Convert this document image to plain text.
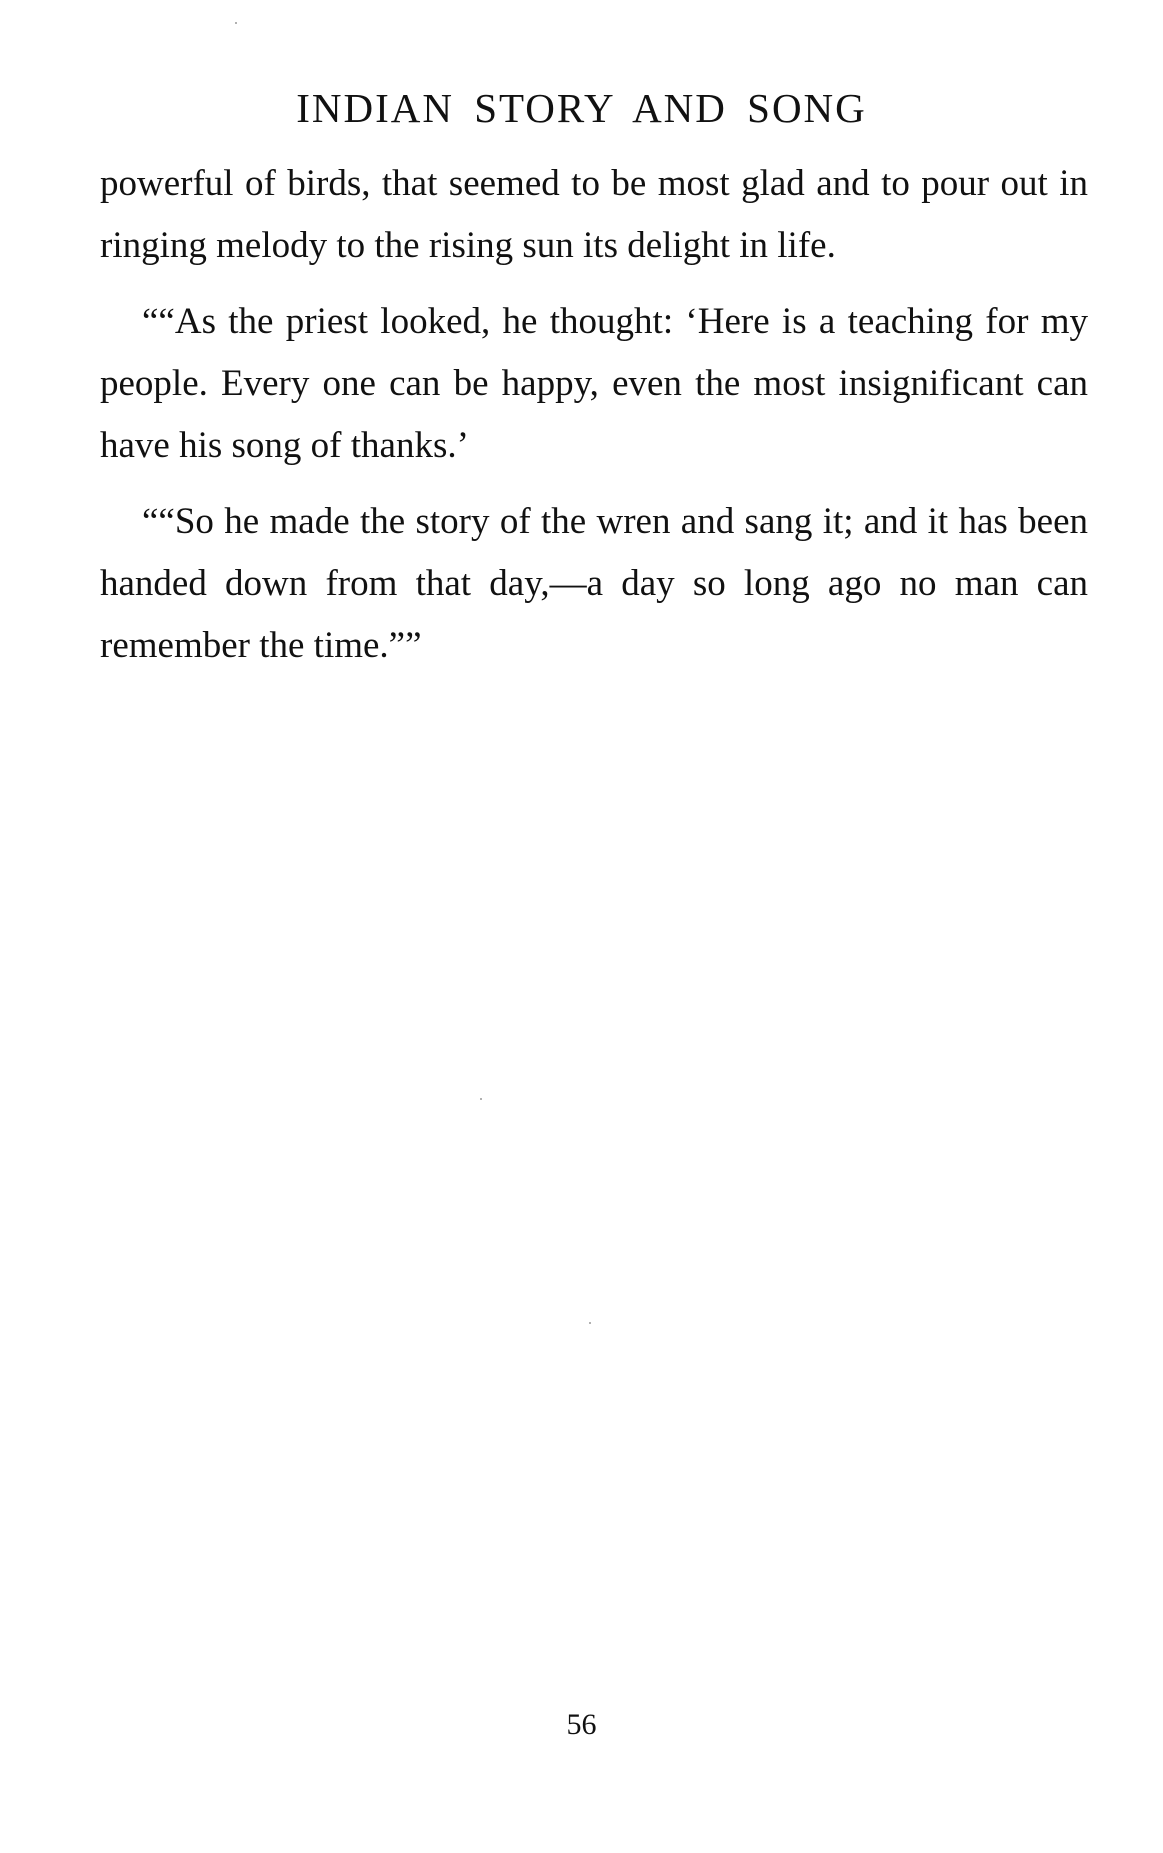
INDIAN STORY AND SONG

powerful of birds, that seemed to be most glad and to pour out in ringing melody to the rising sun its delight in life.

““As the priest looked, he thought: ‘Here is a teaching for my people. Every one can be happy, even the most insignificant can have his song of thanks.’

““So he made the story of the wren and sang it; and it has been handed down from that day,—a day so long ago no man can remember the time.””

56
